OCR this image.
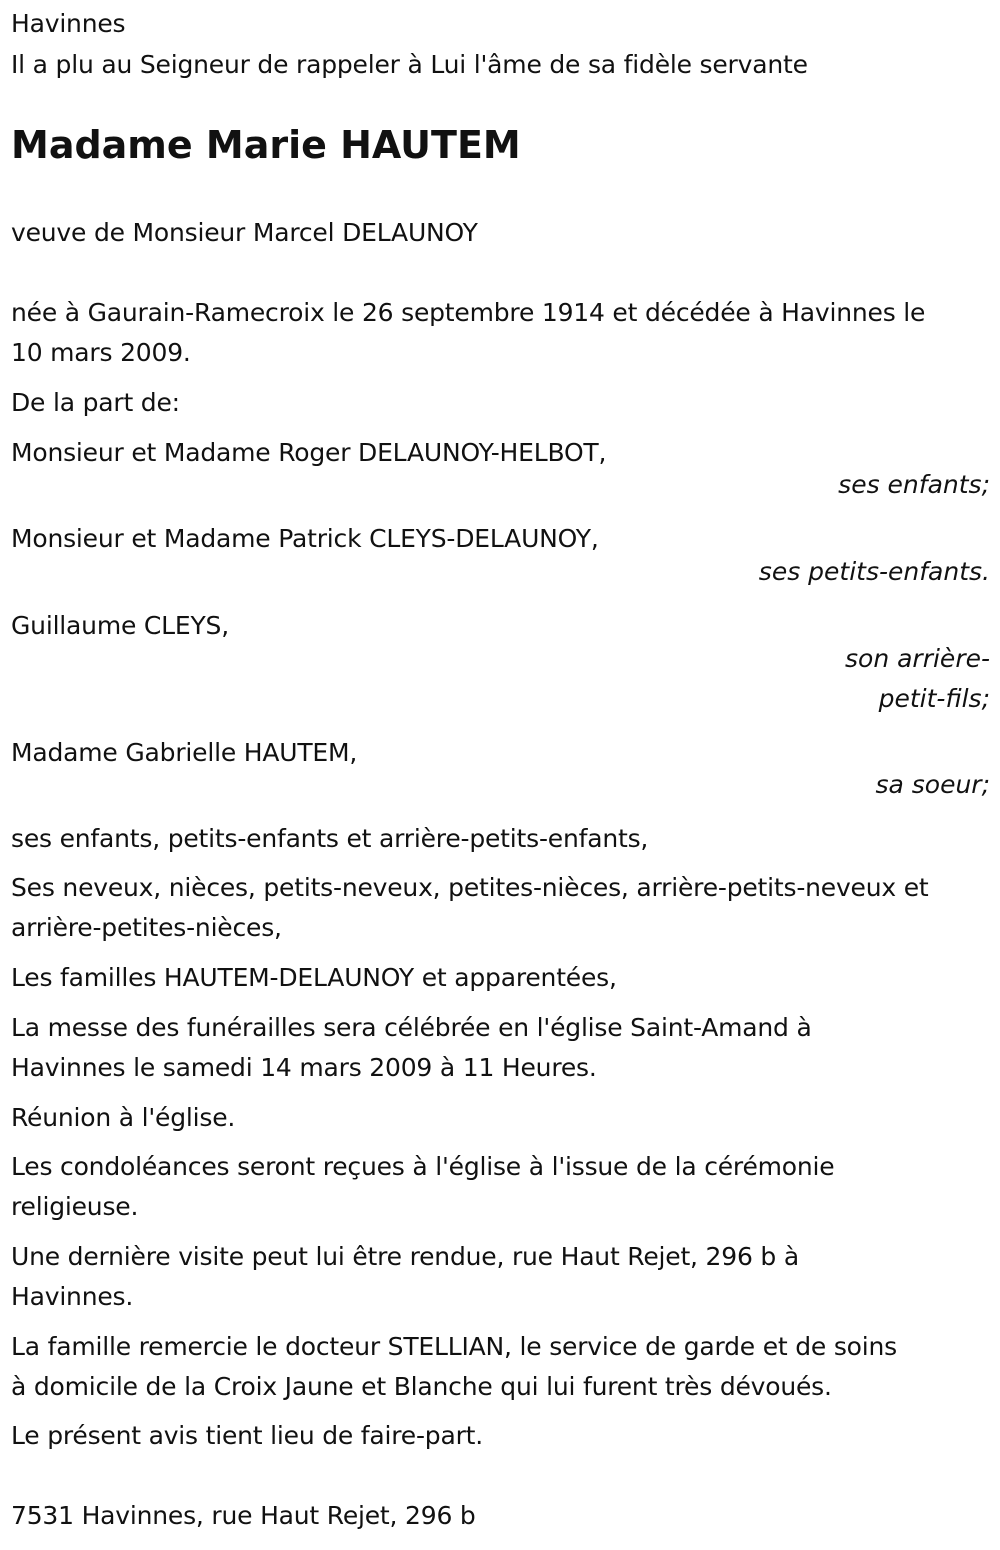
Havinnes

Il a plu au Seigneur de rappeler à Lui l'âme de sa fidèle servante

Madame Marie HAUTEM

veuve de Monsieur Marcel DELAUNOY

née à Gaurain-Ramecroix le 26 septembre 1914 et décédée à Havinnes le

10 mars 2009.

De la part de:

Monsieur et Madame Roger DELAUNOY-HELBOT,

ses enfants;

Monsieur et Madame Patrick CLEYS-DELAUNOY,

ses petits-enfants.

Guillaume CLEYS,

son arrière-

petit-fils;

Madame Gabrielle HAUTEM,

sa soeur;

ses enfants, petits-enfants et arrière-petits-enfants,

Ses neveux, nièces, petits-neveux, petites-nièces, arrière-petits-neveux et

arrière-petites-nièces,

Les familles HAUTEM-DELAUNOY et apparentées,

La messe des funérailles sera célébrée en l'église Saint-Amand à

Havinnes le samedi 14 mars 2009 à 11 Heures.

Réunion à l'église.

Les condoléances seront reçues à l'église à l'issue de la cérémonie

religieuse.

Une dernière visite peut lui être rendue, rue Haut Rejet, 296 b à

Havinnes.

La famille remercie le docteur STELLIAN, le service de garde et de soins

à domicile de la Croix Jaune et Blanche qui lui furent très dévoués.

Le présent avis tient lieu de faire-part.

7531 Havinnes, rue Haut Rejet, 296 b
